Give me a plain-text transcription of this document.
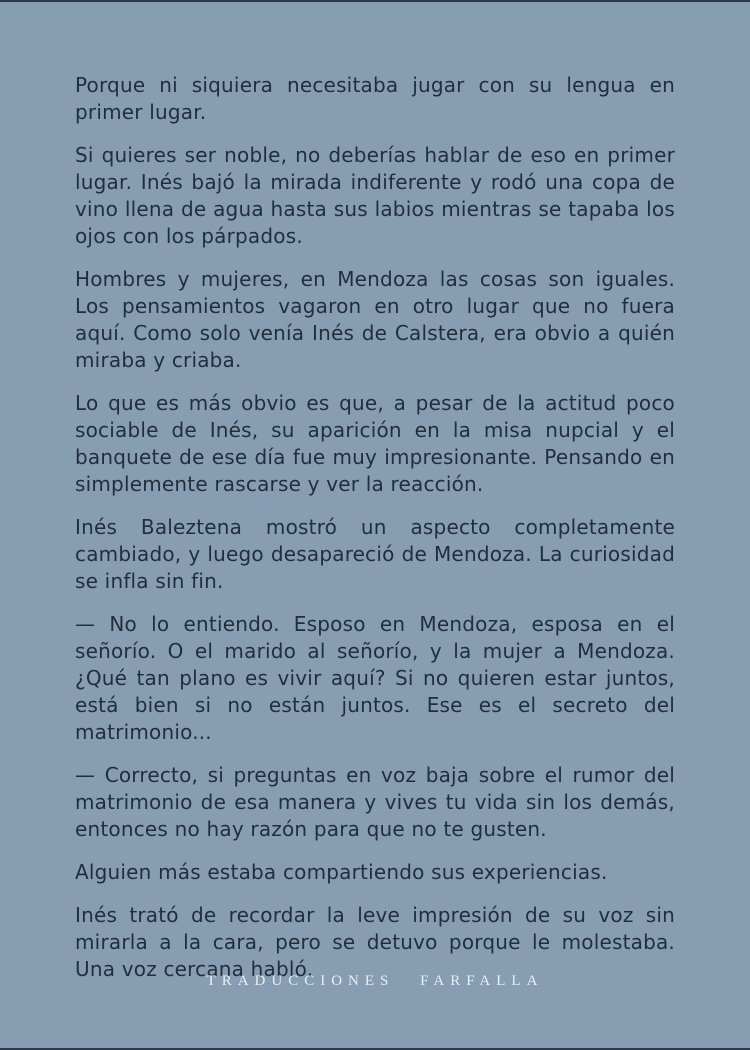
Porque ni siquiera necesitaba jugar con su lengua en primer lugar.

Si quieres ser noble, no deberías hablar de eso en primer lugar. Inés bajó la mirada indiferente y rodó una copa de vino llena de agua hasta sus labios mientras se tapaba los ojos con los párpados.

Hombres y mujeres, en Mendoza las cosas son iguales. Los pensamientos vagaron en otro lugar que no fuera aquí. Como solo venía Inés de Calstera, era obvio a quién miraba y criaba.

Lo que es más obvio es que, a pesar de la actitud poco sociable de Inés, su aparición en la misa nupcial y el banquete de ese día fue muy impresionante. Pensando en simplemente rascarse y ver la reacción.

Inés Baleztena mostró un aspecto completamente cambiado, y luego desapareció de Mendoza. La curiosidad se infla sin fin.

— No lo entiendo. Esposo en Mendoza, esposa en el señorío. O el marido al señorío, y la mujer a Mendoza. ¿Qué tan plano es vivir aquí? Si no quieren estar juntos, está bien si no están juntos. Ese es el secreto del matrimonio...

— Correcto, si preguntas en voz baja sobre el rumor del matrimonio de esa manera y vives tu vida sin los demás, entonces no hay razón para que no te gusten.

Alguien más estaba compartiendo sus experiencias.

Inés trató de recordar la leve impresión de su voz sin mirarla a la cara, pero se detuvo porque le molestaba. Una voz cercana habló.

TRADUCCIONES FARFALLA
